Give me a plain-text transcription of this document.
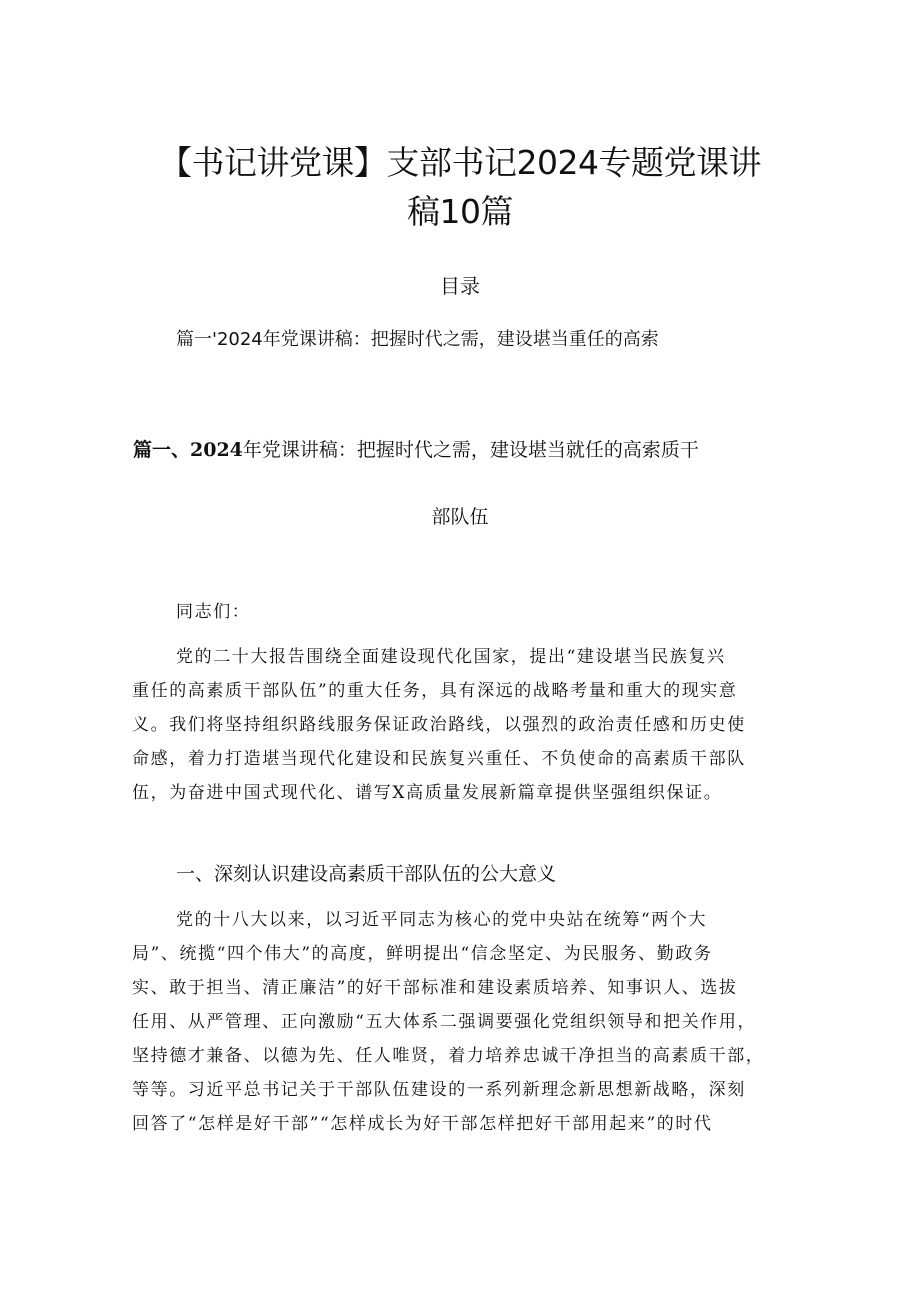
【书记讲党课】支部书记2024专题党课讲
稿10篇
目录
篇一'2024年党课讲稿：把握时代之需，建设堪当重任的高索
篇一、2024年党课讲稿：把握时代之需，建设堪当就任的高索质干
部队伍
同志们：
党的二十大报告围绕全面建设现代化国家，提出“建设堪当民族复兴
重任的高素质干部队伍”的重大任务，具有深远的战略考量和重大的现实意
义。我们将坚持组织路线服务保证政治路线，以强烈的政治责任感和历史使
命感，着力打造堪当现代化建设和民族复兴重任、不负使命的高素质干部队
伍，为奋进中国式现代化、谱写X高质量发展新篇章提供坚强组织保证。
一、深刻认识建设高素质干部队伍的公大意义
党的十八大以来，以习近平同志为核心的党中央站在统筹“两个大
局”、统揽“四个伟大”的高度，鲜明提出“信念坚定、为民服务、勤政务
实、敢于担当、清正廉洁”的好干部标准和建设素质培养、知事识人、选拔
任用、从严管理、正向激励“五大体系二强调要强化党组织领导和把关作用，
坚持德才兼备、以德为先、任人唯贤，着力培养忠诚干净担当的高素质干部，
等等。习近平总书记关于干部队伍建设的一系列新理念新思想新战略，深刻
回答了“怎样是好干部”“怎样成长为好干部怎样把好干部用起来”的时代
